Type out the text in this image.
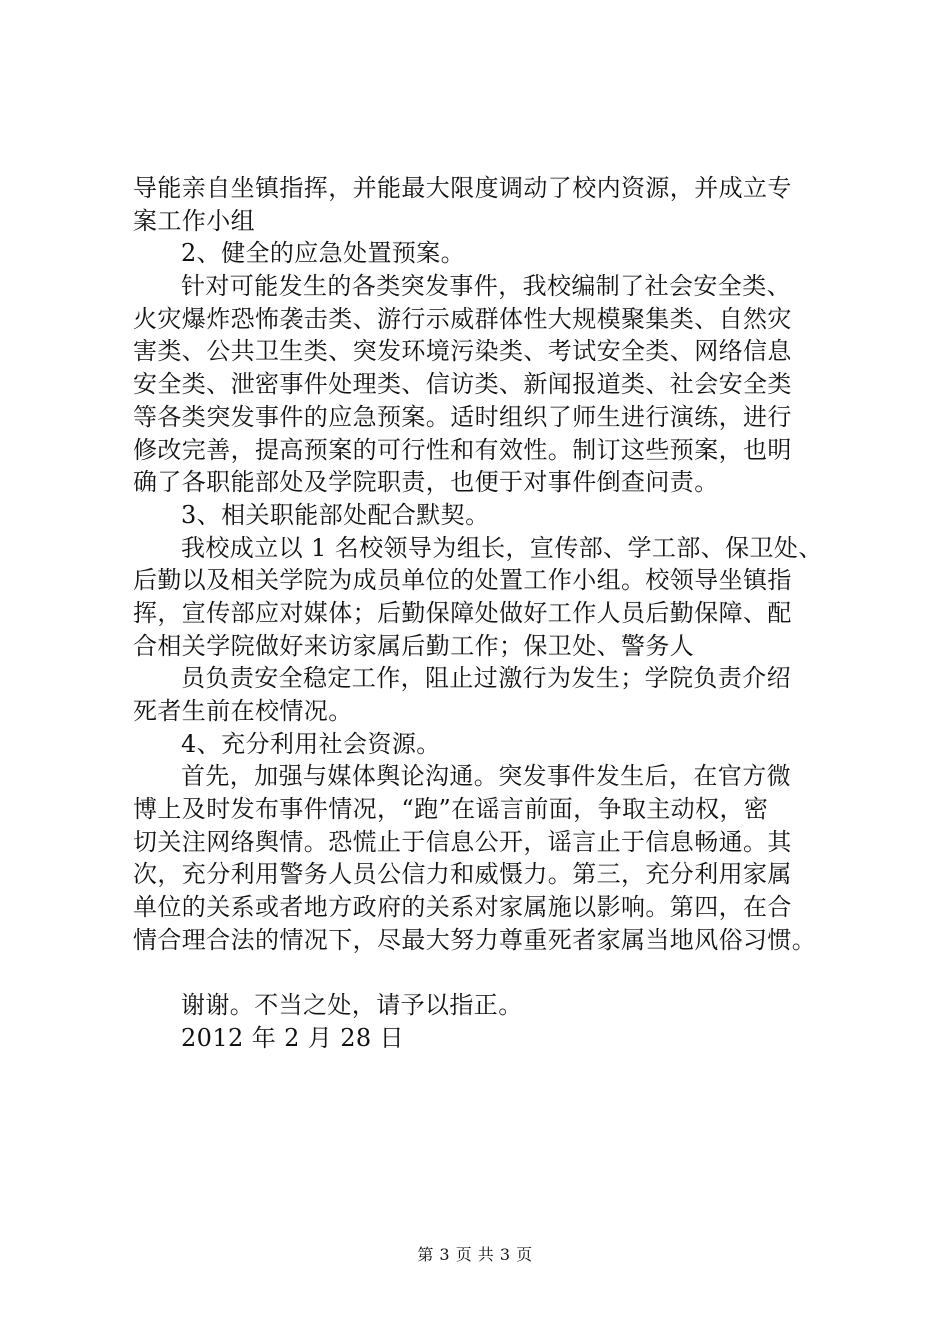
导能亲自坐镇指挥，并能最大限度调动了校内资源，并成立专
案工作小组
2、健全的应急处置预案。
针对可能发生的各类突发事件，我校编制了社会安全类、
火灾爆炸恐怖袭击类、游行示威群体性大规模聚集类、自然灾
害类、公共卫生类、突发环境污染类、考试安全类、网络信息
安全类、泄密事件处理类、信访类、新闻报道类、社会安全类
等各类突发事件的应急预案。适时组织了师生进行演练，进行
修改完善，提高预案的可行性和有效性。制订这些预案，也明
确了各职能部处及学院职责，也便于对事件倒查问责。
3、相关职能部处配合默契。
我校成立以 1 名校领导为组长，宣传部、学工部、保卫处、
后勤以及相关学院为成员单位的处置工作小组。校领导坐镇指
挥，宣传部应对媒体；后勤保障处做好工作人员后勤保障、配
合相关学院做好来访家属后勤工作；保卫处、警务人
员负责安全稳定工作，阻止过激行为发生；学院负责介绍
死者生前在校情况。
4、充分利用社会资源。
首先，加强与媒体舆论沟通。突发事件发生后，在官方微
博上及时发布事件情况，“跑”在谣言前面，争取主动权，密
切关注网络舆情。恐慌止于信息公开，谣言止于信息畅通。其
次，充分利用警务人员公信力和威慑力。第三，充分利用家属
单位的关系或者地方政府的关系对家属施以影响。第四，在合
情合理合法的情况下，尽最大努力尊重死者家属当地风俗习惯。
谢谢。不当之处，请予以指正。
2012 年 2 月 28 日
第 3 页 共 3 页
